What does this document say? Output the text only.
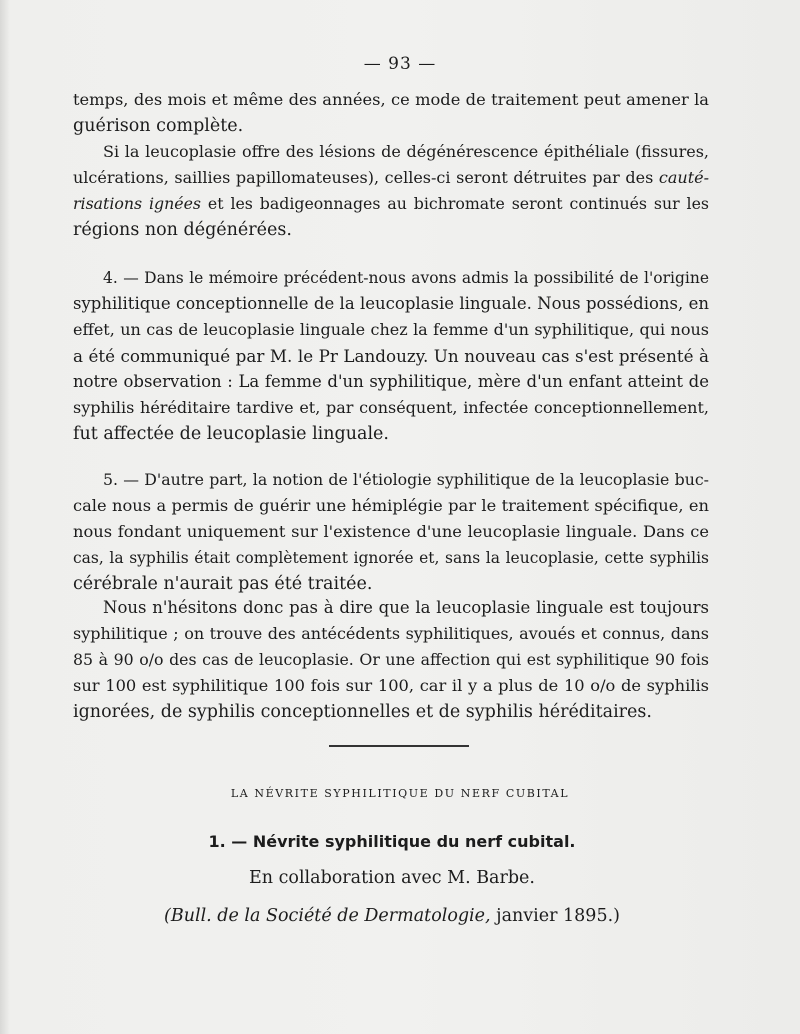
— 93 —
temps, des mois et même des années, ce mode de traitement peut amener la
guérison complète.
Si la leucoplasie offre des lésions de dégénérescence épithéliale (fissures,
ulcérations, saillies papillomateuses), celles-ci seront détruites par des cauté-
risations ignées et les badigeonnages au bichromate seront continués sur les
régions non dégénérées.
4. — Dans le mémoire précédent-nous avons admis la possibilité de l'origine
syphilitique conceptionnelle de la leucoplasie linguale. Nous possédions, en
effet, un cas de leucoplasie linguale chez la femme d'un syphilitique, qui nous
a été communiqué par M. le Pr Landouzy. Un nouveau cas s'est présenté à
notre observation : La femme d'un syphilitique, mère d'un enfant atteint de
syphilis héréditaire tardive et, par conséquent, infectée conceptionnellement,
fut affectée de leucoplasie linguale.
5. — D'autre part, la notion de l'étiologie syphilitique de la leucoplasie buc-
cale nous a permis de guérir une hémiplégie par le traitement spécifique, en
nous fondant uniquement sur l'existence d'une leucoplasie linguale. Dans ce
cas, la syphilis était complètement ignorée et, sans la leucoplasie, cette syphilis
cérébrale n'aurait pas été traitée.
Nous n'hésitons donc pas à dire que la leucoplasie linguale est toujours
syphilitique ; on trouve des antécédents syphilitiques, avoués et connus, dans
85 à 90 o/o des cas de leucoplasie. Or une affection qui est syphilitique 90 fois
sur 100 est syphilitique 100 fois sur 100, car il y a plus de 10 o/o de syphilis
ignorées, de syphilis conceptionnelles et de syphilis héréditaires.
LA NÉVRITE SYPHILITIQUE DU NERF CUBITAL
1. — Névrite syphilitique du nerf cubital.
En collaboration avec M. Barbe.
(Bull. de la Société de Dermatologie, janvier 1895.)
